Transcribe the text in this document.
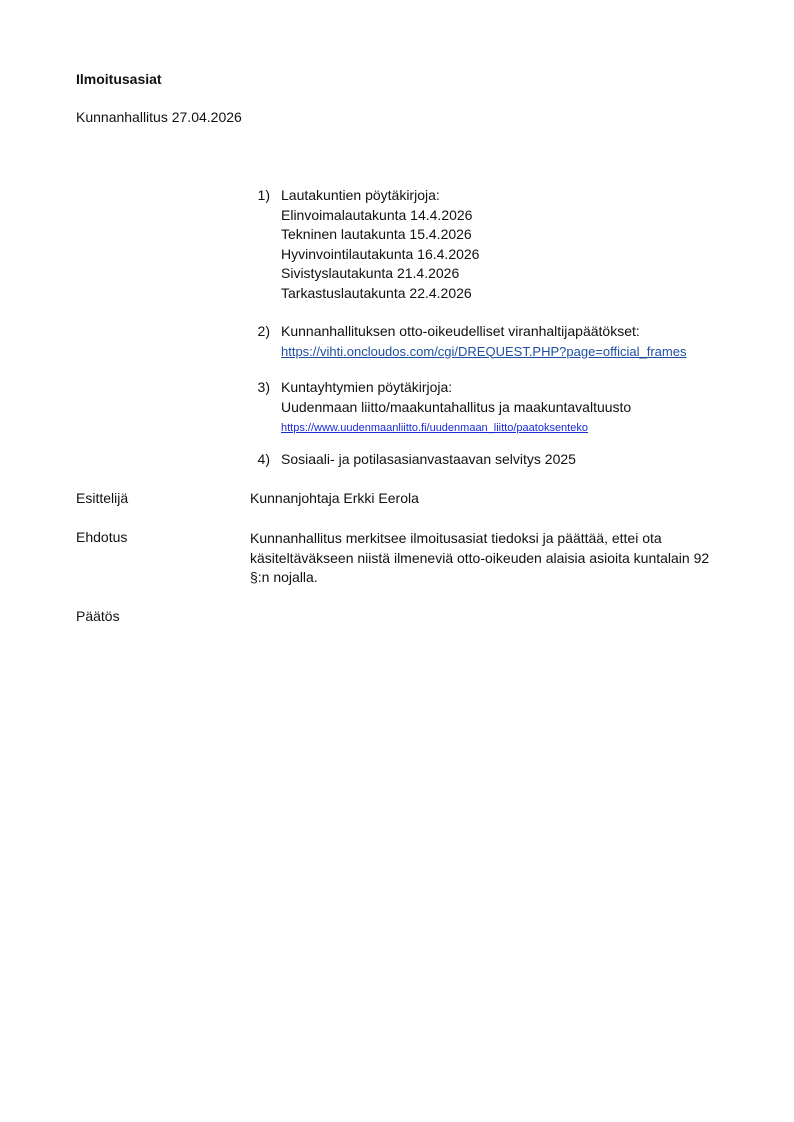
Ilmoitusasiat
Kunnanhallitus 27.04.2026
1) Lautakuntien pöytäkirjoja:
Elinvoimalautakunta 14.4.2026
Tekninen lautakunta 15.4.2026
Hyvinvointilautakunta 16.4.2026
Sivistyslautakunta 21.4.2026
Tarkastuslautakunta 22.4.2026
2) Kunnanhallituksen otto-oikeudelliset viranhaltijapäätökset:
https://vihti.oncloudos.com/cgi/DREQUEST.PHP?page=official_frames
3) Kuntayhtymien pöytäkirjoja:
Uudenmaan liitto/maakuntahallitus ja maakuntavaltuusto
https://www.uudenmaanliitto.fi/uudenmaan_liitto/paatoksenteko
4) Sosiaali- ja potilasasianvastaavan selvitys 2025
Esittelijä	Kunnanjohtaja Erkki Eerola
Ehdotus	Kunnanhallitus merkitsee ilmoitusasiat tiedoksi ja päättää, ettei ota
käsiteltäväkseen niistä ilmeneviä otto-oikeuden alaisia asioita kuntalain 92
§:n nojalla.
Päätös
